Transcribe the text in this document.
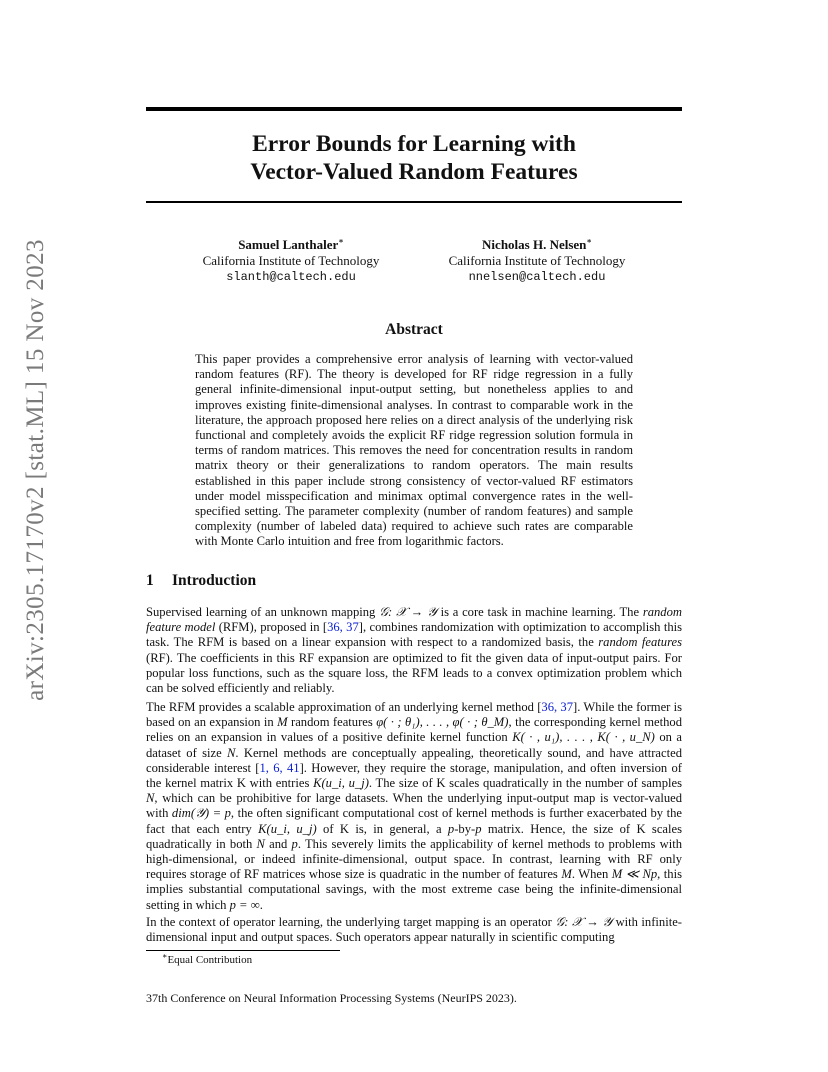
arXiv:2305.17170v2 [stat.ML] 15 Nov 2023
Error Bounds for Learning with
Vector-Valued Random Features
Samuel Lanthaler∗
California Institute of Technology
slanth@caltech.edu
Nicholas H. Nelsen∗
California Institute of Technology
nnelsen@caltech.edu
Abstract
This paper provides a comprehensive error analysis of learning with vector-valued random features (RF). The theory is developed for RF ridge regression in a fully general infinite-dimensional input-output setting, but nonetheless applies to and improves existing finite-dimensional analyses. In contrast to comparable work in the literature, the approach proposed here relies on a direct analysis of the underlying risk functional and completely avoids the explicit RF ridge regression solution formula in terms of random matrices. This removes the need for concentration results in random matrix theory or their generalizations to random operators. The main results established in this paper include strong consistency of vector-valued RF estimators under model misspecification and minimax optimal convergence rates in the well-specified setting. The parameter complexity (number of random features) and sample complexity (number of labeled data) required to achieve such rates are comparable with Monte Carlo intuition and free from logarithmic factors.
1 Introduction
Supervised learning of an unknown mapping 𝒢: 𝒳 → 𝒴 is a core task in machine learning. The random feature model (RFM), proposed in [36, 37], combines randomization with optimization to accomplish this task. The RFM is based on a linear expansion with respect to a randomized basis, the random features (RF). The coefficients in this RF expansion are optimized to fit the given data of input-output pairs. For popular loss functions, such as the square loss, the RFM leads to a convex optimization problem which can be solved efficiently and reliably.
The RFM provides a scalable approximation of an underlying kernel method [36, 37]. While the former is based on an expansion in M random features φ( · ; θ₁), . . . , φ( · ; θ_M), the corresponding kernel method relies on an expansion in values of a positive definite kernel function K( · , u₁), . . . , K( · , u_N) on a dataset of size N. Kernel methods are conceptually appealing, theoretically sound, and have attracted considerable interest [1, 6, 41]. However, they require the storage, manipulation, and often inversion of the kernel matrix K with entries K(u_i, u_j). The size of K scales quadratically in the number of samples N, which can be prohibitive for large datasets. When the underlying input-output map is vector-valued with dim(𝒴) = p, the often significant computational cost of kernel methods is further exacerbated by the fact that each entry K(u_i, u_j) of K is, in general, a p-by-p matrix. Hence, the size of K scales quadratically in both N and p. This severely limits the applicability of kernel methods to problems with high-dimensional, or indeed infinite-dimensional, output space. In contrast, learning with RF only requires storage of RF matrices whose size is quadratic in the number of features M. When M ≪ Np, this implies substantial computational savings, with the most extreme case being the infinite-dimensional setting in which p = ∞.
In the context of operator learning, the underlying target mapping is an operator 𝒢: 𝒳 → 𝒴 with infinite-dimensional input and output spaces. Such operators appear naturally in scientific computing
∗Equal Contribution
37th Conference on Neural Information Processing Systems (NeurIPS 2023).
